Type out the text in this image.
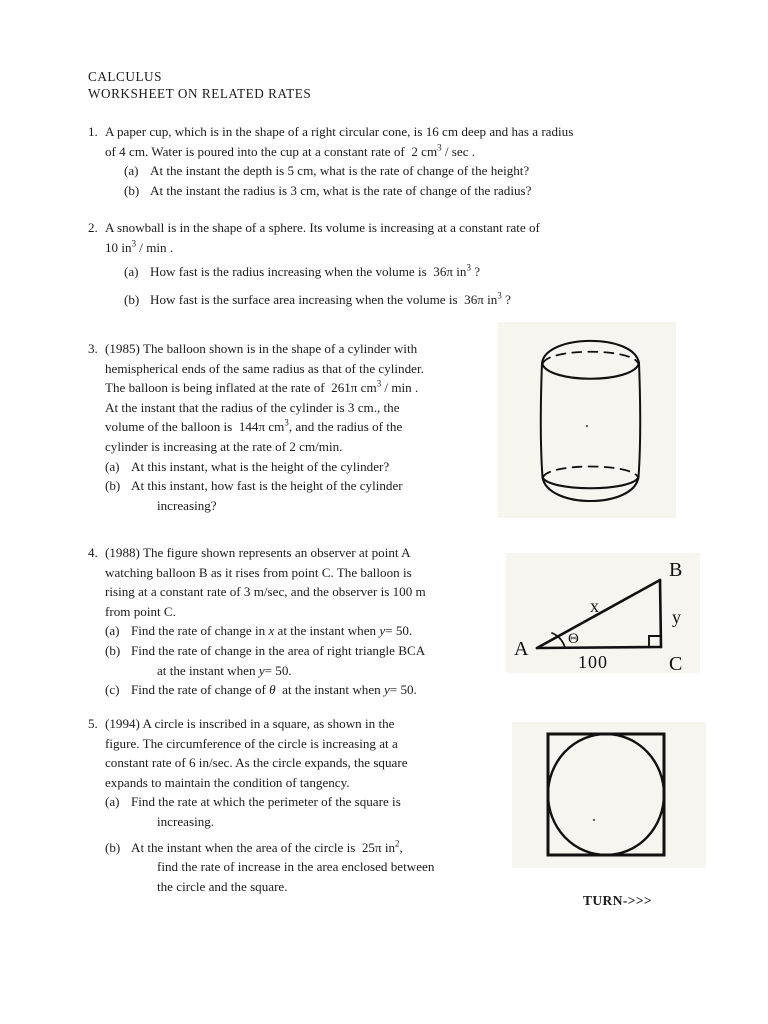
CALCULUS
WORKSHEET ON RELATED RATES
1. A paper cup, which is in the shape of a right circular cone, is 16 cm deep and has a radius
of 4 cm. Water is poured into the cup at a constant rate of 2 $cm^3$ / sec .
(a) At the instant the depth is 5 cm, what is the rate of change of the height?
(b) At the instant the radius is 3 cm, what is the rate of change of the radius?
2. A snowball is in the shape of a sphere. Its volume is increasing at a constant rate of
10 $in^3$ / min .
(a) How fast is the radius increasing when the volume is 36π $in^3$ ?
(b) How fast is the surface area increasing when the volume is 36π $in^3$ ?
3. (1985) The balloon shown is in the shape of a cylinder with
hemispherical ends of the same radius as that of the cylinder.
The balloon is being inflated at the rate of 261π $cm^3$ / min .
At the instant that the radius of the cylinder is 3 cm., the
volume of the balloon is 144π $cm^3$, and the radius of the
cylinder is increasing at the rate of 2 cm/min.
(a) At this instant, what is the height of the cylinder?
(b) At this instant, how fast is the height of the cylinder
increasing?
4. (1988) The figure shown represents an observer at point A
watching balloon B as it rises from point C. The balloon is
rising at a constant rate of 3 m/sec, and the observer is 100 m
from point C.
(a) Find the rate of change in x at the instant when y= 50.
(b) Find the rate of change in the area of right triangle BCA
at the instant when y= 50.
(c) Find the rate of change of θ at the instant when y= 50.
A
B
C
x
y
Θ
100
5. (1994) A circle is inscribed in a square, as shown in the
figure. The circumference of the circle is increasing at a
constant rate of 6 in/sec. As the circle expands, the square
expands to maintain the condition of tangency.
(a) Find the rate at which the perimeter of the square is
increasing.
(b) At the instant when the area of the circle is 25π $in^2$,
find the rate of increase in the area enclosed between
the circle and the square.
TURN->>>
